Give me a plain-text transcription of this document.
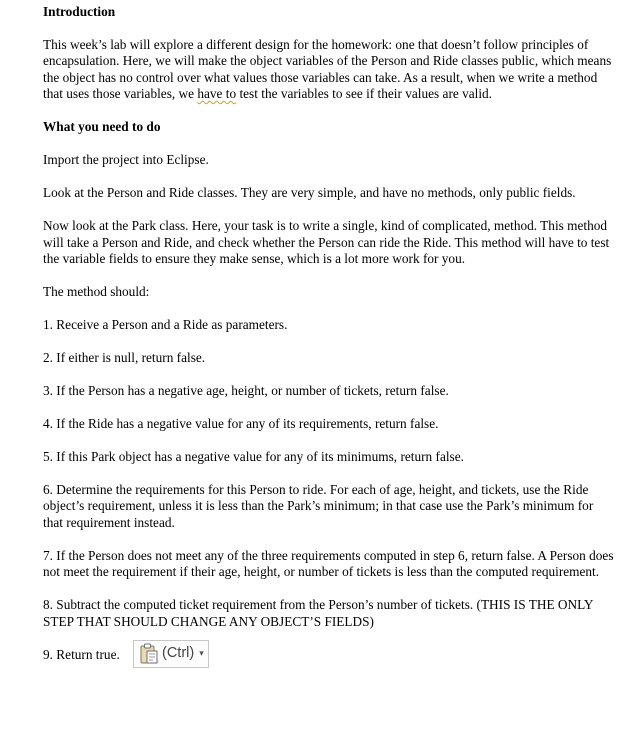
Introduction

This week’s lab will explore a different design for the homework: one that doesn’t follow principles of encapsulation. Here, we will make the object variables of the Person and Ride classes public, which means the object has no control over what values those variables can take. As a result, when we write a method that uses those variables, we have to test the variables to see if their values are valid.

What you need to do

Import the project into Eclipse.

Look at the Person and Ride classes. They are very simple, and have no methods, only public fields.

Now look at the Park class. Here, your task is to write a single, kind of complicated, method. This method will take a Person and Ride, and check whether the Person can ride the Ride. This method will have to test the variable fields to ensure they make sense, which is a lot more work for you.

The method should:

1. Receive a Person and a Ride as parameters.

2. If either is null, return false.

3. If the Person has a negative age, height, or number of tickets, return false.

4. If the Ride has a negative value for any of its requirements, return false.

5. If this Park object has a negative value for any of its minimums, return false.

6. Determine the requirements for this Person to ride. For each of age, height, and tickets, use the Ride object’s requirement, unless it is less than the Park’s minimum; in that case use the Park’s minimum for that requirement instead.

7. If the Person does not meet any of the three requirements computed in step 6, return false. A Person does not meet the requirement if their age, height, or number of tickets is less than the computed requirement.

8. Subtract the computed ticket requirement from the Person’s number of tickets. (THIS IS THE ONLY STEP THAT SHOULD CHANGE ANY OBJECT’S FIELDS)

9. Return true.	(Ctrl) ▾
